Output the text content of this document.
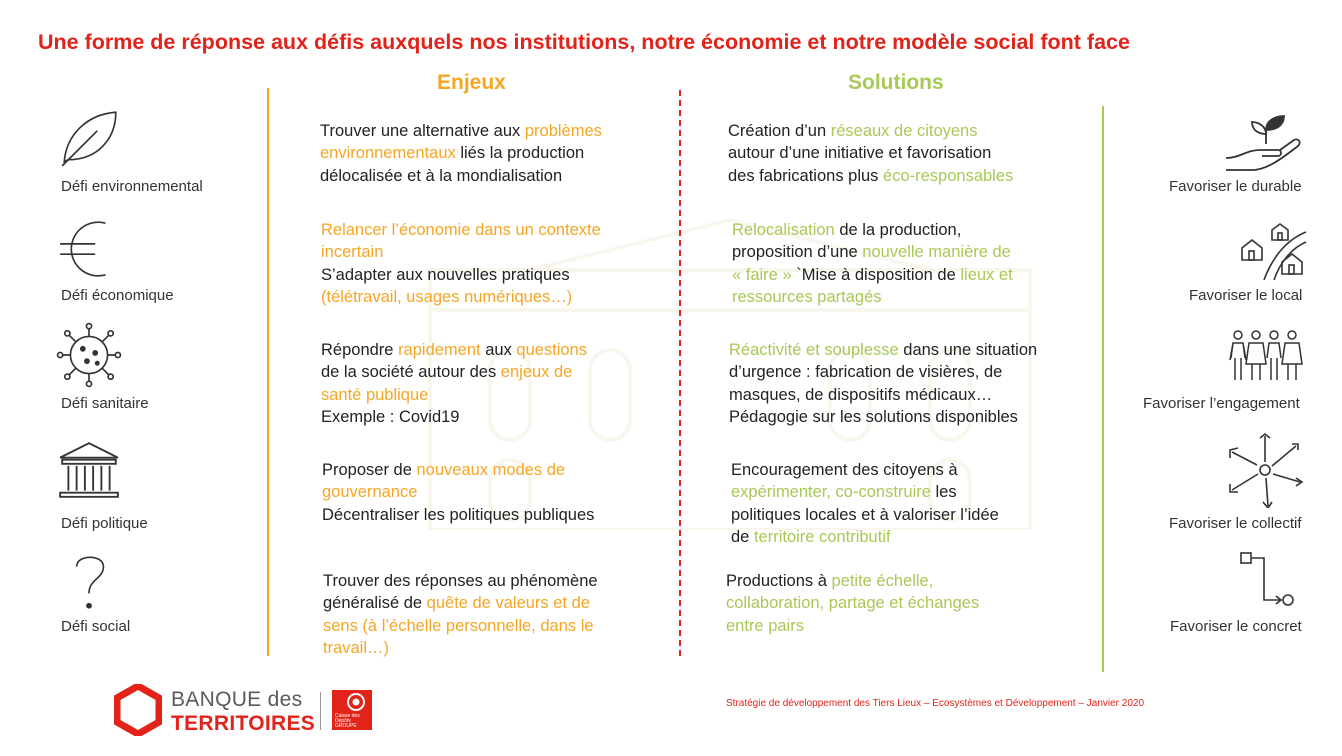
Une forme de réponse aux défis auxquels nos institutions, notre économie et notre modèle social font face
Enjeux	Solutions
Défi environnemental
Défi économique
Défi sanitaire
Défi politique
Défi social
Favoriser le durable
Favoriser le local
Favoriser l’engagement
Favoriser le collectif
Favoriser le concret
Trouver une alternative aux problèmes
environnementaux liés la production
délocalisée et à la mondialisation
Relancer l’économie dans un contexte
incertain
S’adapter aux nouvelles pratiques
(télétravail, usages numériques…)
Répondre rapidement aux questions
de la société autour des enjeux de
santé publique
Exemple : Covid19
Proposer de nouveaux modes de
gouvernance
Décentraliser les politiques publiques
Trouver des réponses au phénomène
généralisé de quête de valeurs et de
sens (à l’échelle personnelle, dans le
travail…)
Création d’un réseaux de citoyens
autour d’une initiative et favorisation
des fabrications plus éco-responsables
Relocalisation de la production,
proposition d’une nouvelle manière de
« faire » `Mise à disposition de lieux et
ressources partagés
Réactivité et souplesse dans une situation
d’urgence : fabrication de visières, de
masques, de dispositifs médicaux…
Pédagogie sur les solutions disponibles
Encouragement des citoyens à
expérimenter, co-construire les
politiques locales et à valoriser l’idée
de territoire contributif
Productions à petite échelle,
collaboration, partage et échanges
entre pairs
BANQUE des
TERRITOIRES	Caisse des Dépôts GROUPE
Stratégie de développement des Tiers Lieux – Ecosystèmes et Développement – Janvier 2020
